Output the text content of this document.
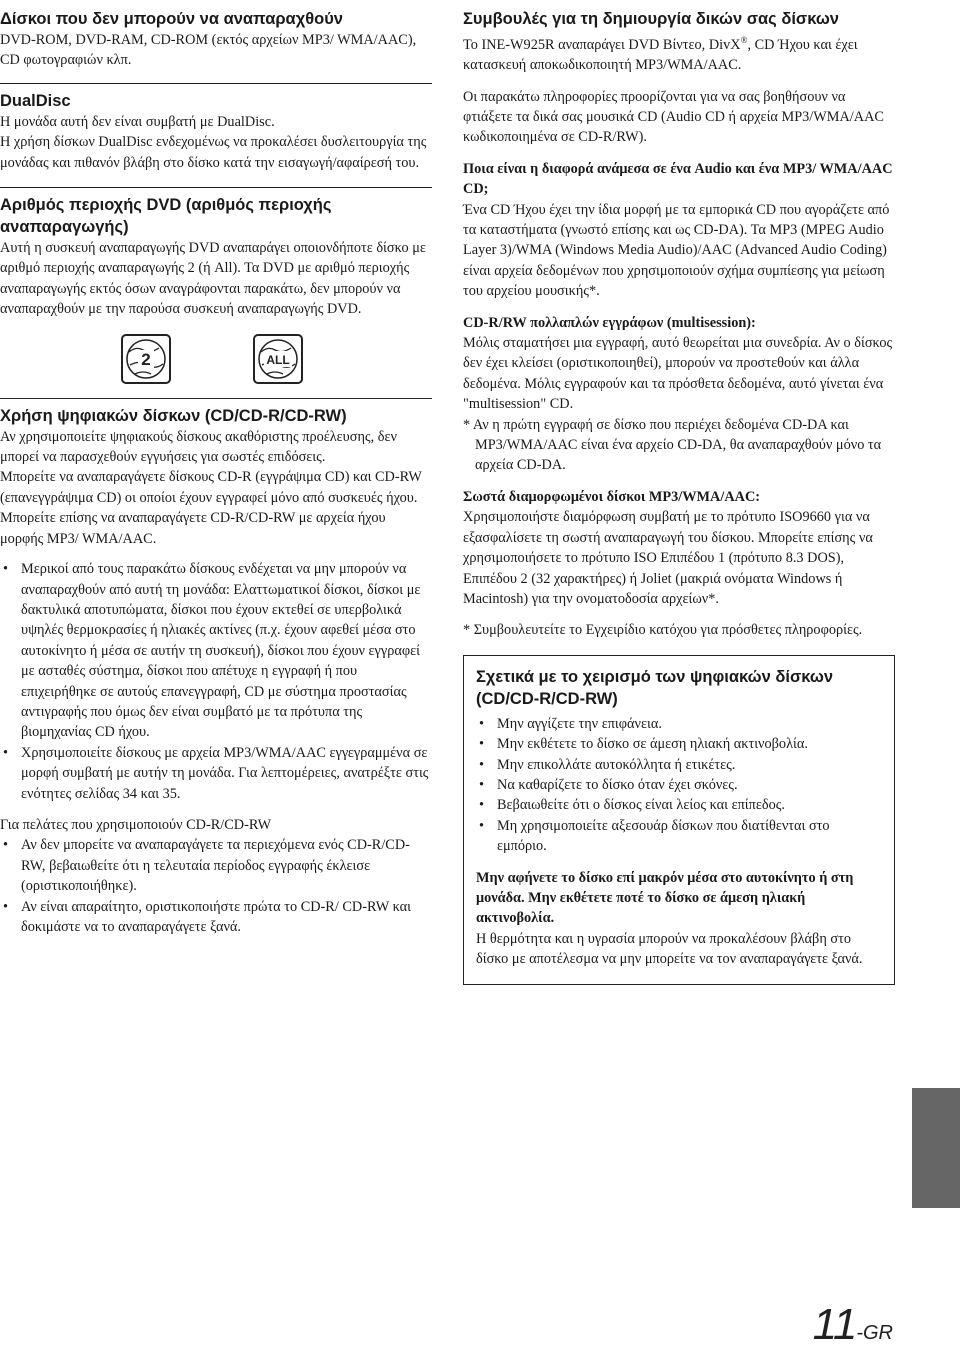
Δίσκοι που δεν μπορούν να αναπαραχθούν

DVD-ROM, DVD-RAM, CD-ROM (εκτός αρχείων MP3/ WMA/AAC), CD φωτογραφιών κλπ.

DualDisc

Η μονάδα αυτή δεν είναι συμβατή με DualDisc.

Η χρήση δίσκων DualDisc ενδεχομένως να προκαλέσει δυσλειτουργία της μονάδας και πιθανόν βλάβη στο δίσκο κατά την εισαγωγή/αφαίρεσή του.

Αριθμός περιοχής DVD (αριθμός περιοχής αναπαραγωγής)

Αυτή η συσκευή αναπαραγωγής DVD αναπαράγει οποιονδήποτε δίσκο με αριθμό περιοχής αναπαραγωγής 2 (ή All). Τα DVD με αριθμό περιοχής αναπαραγωγής εκτός όσων αναγράφονται παρακάτω, δεν μπορούν να αναπαραχθούν με την παρούσα συσκευή αναπαραγωγής DVD.

2	ALL
Χρήση ψηφιακών δίσκων (CD/CD-R/CD-RW)

Αν χρησιμοποιείτε ψηφιακούς δίσκους ακαθόριστης προέλευσης, δεν μπορεί να παρασχεθούν εγγυήσεις για σωστές επιδόσεις.

Μπορείτε να αναπαραγάγετε δίσκους CD-R (εγγράψιμα CD) και CD-RW (επανεγγράψιμα CD) οι οποίοι έχουν εγγραφεί μόνο από συσκευές ήχου. Μπορείτε επίσης να αναπαραγάγετε CD-R/CD-RW με αρχεία ήχου μορφής MP3/ WMA/AAC.

• Μερικοί από τους παρακάτω δίσκους ενδέχεται να μην μπορούν να αναπαραχθούν από αυτή τη μονάδα: Ελαττωματικοί δίσκοι, δίσκοι με δακτυλικά αποτυπώματα, δίσκοι που έχουν εκτεθεί σε υπερβολικά υψηλές θερμοκρασίες ή ηλιακές ακτίνες (π.χ. έχουν αφεθεί μέσα στο αυτοκίνητο ή μέσα σε αυτήν τη συσκευή), δίσκοι που έχουν εγγραφεί με ασταθές σύστημα, δίσκοι που απέτυχε η εγγραφή ή που επιχειρήθηκε σε αυτούς επανεγγραφή, CD με σύστημα προστασίας αντιγραφής που όμως δεν είναι συμβατό με τα πρότυπα της βιομηχανίας CD ήχου.
• Χρησιμοποιείτε δίσκους με αρχεία MP3/WMA/AAC εγγεγραμμένα σε μορφή συμβατή με αυτήν τη μονάδα. Για λεπτομέρειες, ανατρέξτε στις ενότητες σελίδας 34 και 35.

Για πελάτες που χρησιμοποιούν CD-R/CD-RW

• Αν δεν μπορείτε να αναπαραγάγετε τα περιεχόμενα ενός CD-R/CD-RW, βεβαιωθείτε ότι η τελευταία περίοδος εγγραφής έκλεισε (οριστικοποιήθηκε).
• Αν είναι απαραίτητο, οριστικοποιήστε πρώτα το CD-R/ CD-RW και δοκιμάστε να το αναπαραγάγετε ξανά.
Συμβουλές για τη δημιουργία δικών σας δίσκων

Το INE-W925R αναπαράγει DVD Βίντεο, DivX®, CD Ήχου και έχει κατασκευή αποκωδικοποιητή MP3/WMA/AAC.

Οι παρακάτω πληροφορίες προορίζονται για να σας βοηθήσουν να φτιάξετε τα δικά σας μουσικά CD (Audio CD ή αρχεία MP3/WMA/AAC κωδικοποιημένα σε CD-R/RW).

Ποια είναι η διαφορά ανάμεσα σε ένα Audio και ένα MP3/ WMA/AAC CD;

Ένα CD Ήχου έχει την ίδια μορφή με τα εμπορικά CD που αγοράζετε από τα καταστήματα (γνωστό επίσης και ως CD-DA). Τα MP3 (MPEG Audio Layer 3)/WMA (Windows Media Audio)/AAC (Advanced Audio Coding) είναι αρχεία δεδομένων που χρησιμοποιούν σχήμα συμπίεσης για μείωση του αρχείου μουσικής*.

CD-R/RW πολλαπλών εγγράφων (multisession):

Μόλις σταματήσει μια εγγραφή, αυτό θεωρείται μια συνεδρία. Αν ο δίσκος δεν έχει κλείσει (οριστικοποιηθεί), μπορούν να προστεθούν και άλλα δεδομένα. Μόλις εγγραφούν και τα πρόσθετα δεδομένα, αυτό γίνεται ένα "multisession" CD.

* Αν η πρώτη εγγραφή σε δίσκο που περιέχει δεδομένα CD-DA και MP3/WMA/AAC είναι ένα αρχείο CD-DA, θα αναπαραχθούν μόνο τα αρχεία CD-DA.

Σωστά διαμορφωμένοι δίσκοι MP3/WMA/AAC:

Χρησιμοποιήστε διαμόρφωση συμβατή με το πρότυπο ISO9660 για να εξασφαλίσετε τη σωστή αναπαραγωγή του δίσκου. Μπορείτε επίσης να χρησιμοποιήσετε το πρότυπο ISO Επιπέδου 1 (πρότυπο 8.3 DOS), Επιπέδου 2 (32 χαρακτήρες) ή Joliet (μακριά ονόματα Windows ή Macintosh) για την ονοματοδοσία αρχείων*.

* Συμβουλευτείτε το Εγχειρίδιο κατόχου για πρόσθετες πληροφορίες.

Σχετικά με το χειρισμό των ψηφιακών δίσκων (CD/CD-R/CD-RW)
• Μην αγγίζετε την επιφάνεια.
• Μην εκθέτετε το δίσκο σε άμεση ηλιακή ακτινοβολία.
• Μην επικολλάτε αυτοκόλλητα ή ετικέτες.
• Να καθαρίζετε το δίσκο όταν έχει σκόνες.
• Βεβαιωθείτε ότι ο δίσκος είναι λείος και επίπεδος.
• Μη χρησιμοποιείτε αξεσουάρ δίσκων που διατίθενται στο εμπόριο.

Μην αφήνετε το δίσκο επί μακρόν μέσα στο αυτοκίνητο ή στη μονάδα. Μην εκθέτετε ποτέ το δίσκο σε άμεση ηλιακή ακτινοβολία.

Η θερμότητα και η υγρασία μπορούν να προκαλέσουν βλάβη στο δίσκο με αποτέλεσμα να μην μπορείτε να τον αναπαραγάγετε ξανά.

11-GR
